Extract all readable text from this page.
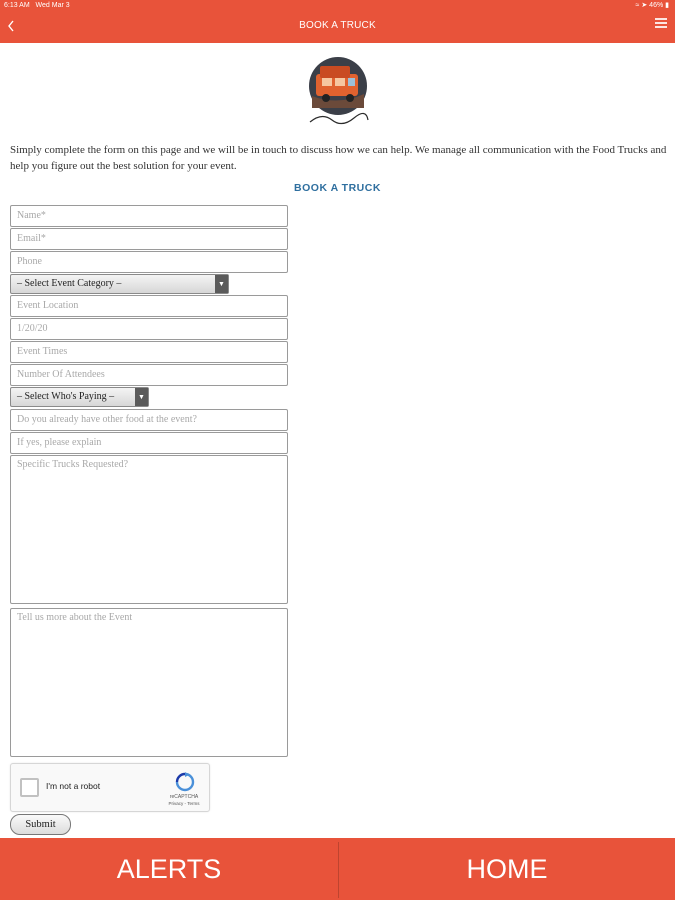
6:13 AM Wed Mar 3	≈ ➤ 46% ▮
BOOK A TRUCK
Simply complete the form on this page and we will be in touch to discuss how we can help. We manage all communication with the Food Trucks and help you figure out the best solution for your event.
BOOK A TRUCK
Name*
Email*
Phone
– Select Event Category –	▼
Event Location
1/20/20
Event Times
Number Of Attendees
– Select Who's Paying –	▼
Do you already have other food at the event?
If yes, please explain
Specific Trucks Requested?
Tell us more about the Event
I'm not a robot
reCAPTCHA
Privacy - Terms
Submit
ALERTS	HOME
